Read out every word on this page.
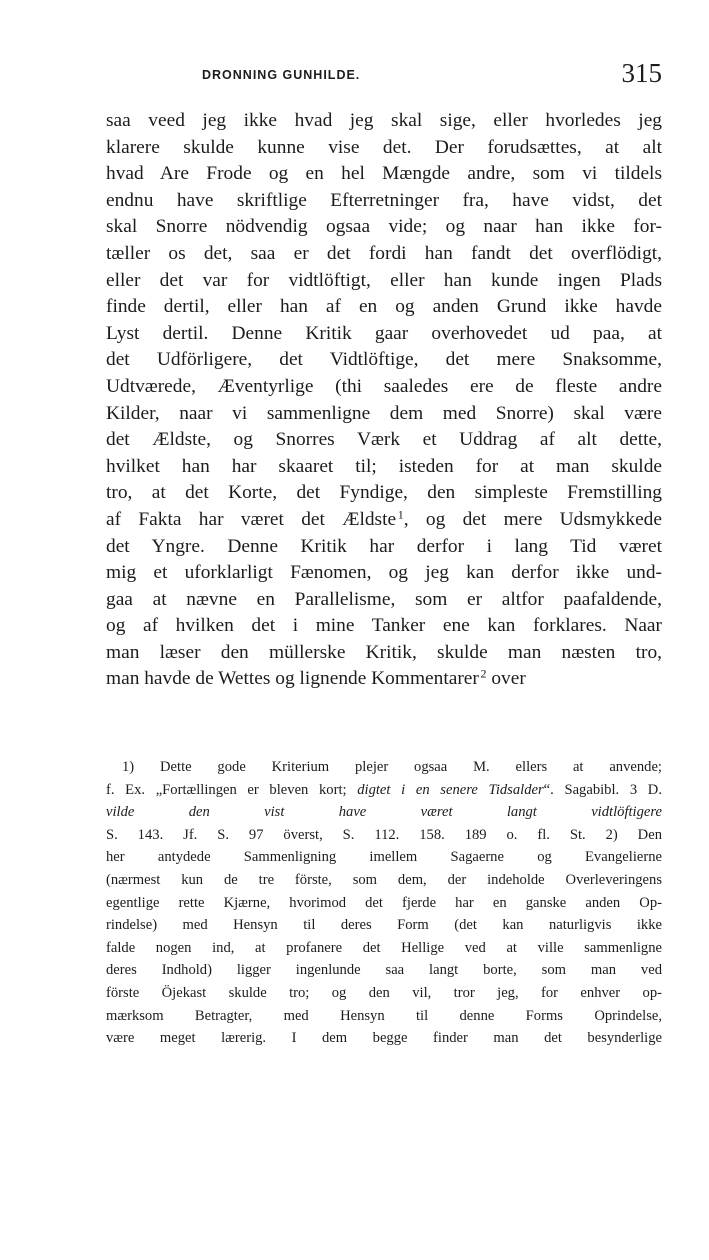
DRONNING GUNHILDE.	315
saa veed jeg ikke hvad jeg skal sige, eller hvorledes jeg
klarere skulde kunne vise det. Der forudsættes, at alt
hvad Are Frode og en hel Mængde andre, som vi tildels
endnu have skriftlige Efterretninger fra, have vidst, det
skal Snorre nödvendig ogsaa vide; og naar han ikke for-
tæller os det, saa er det fordi han fandt det overflödigt,
eller det var for vidtlöftigt, eller han kunde ingen Plads
finde dertil, eller han af en og anden Grund ikke havde
Lyst dertil. Denne Kritik gaar overhovedet ud paa, at
det Udförligere, det Vidtlöftige, det mere Snaksomme,
Udtværede, Æventyrlige (thi saaledes ere de fleste andre
Kilder, naar vi sammenligne dem med Snorre) skal være
det Ældste, og Snorres Værk et Uddrag af alt dette,
hvilket han har skaaret til; isteden for at man skulde
tro, at det Korte, det Fyndige, den simpleste Fremstilling
af Fakta har været det Ældste  $^1$, og det mere Udsmykkede
det Yngre. Denne Kritik har derfor i lang Tid været
mig et uforklarligt Fænomen, og jeg kan derfor ikke und-
gaa at nævne en Parallelisme, som er altfor paafaldende,
og af hvilken det i mine Tanker ene kan forklares. Naar
man læser den müllerske Kritik, skulde man næsten tro,
man havde de Wettes og lignende Kommentarer  $^2$ over
1) Dette gode Kriterium plejer ogsaa M. ellers at anvende;
f. Ex. „Fortællingen er bleven kort; digtet i en senere Tidsalder“. Sagabibl. 3 D.
vilde den vist have været langt vidtlöftigere
S. 143. Jf. S. 97 överst, S. 112. 158. 189 o. fl. St. 2) Den
her antydede Sammenligning imellem Sagaerne og Evangelierne
(nærmest kun de tre förste, som dem, der indeholde Overleveringens
egentlige rette Kjærne, hvorimod det fjerde har en ganske anden Op-
rindelse) med Hensyn til deres Form (det kan naturligvis ikke
falde nogen ind, at profanere det Hellige ved at ville sammenligne
deres Indhold) ligger ingenlunde saa langt borte, som man ved
förste Öjekast skulde tro; og den vil, tror jeg, for enhver op-
mærksom Betragter, med Hensyn til denne Forms Oprindelse,
være meget lærerig. I dem begge finder man det besynderlige
